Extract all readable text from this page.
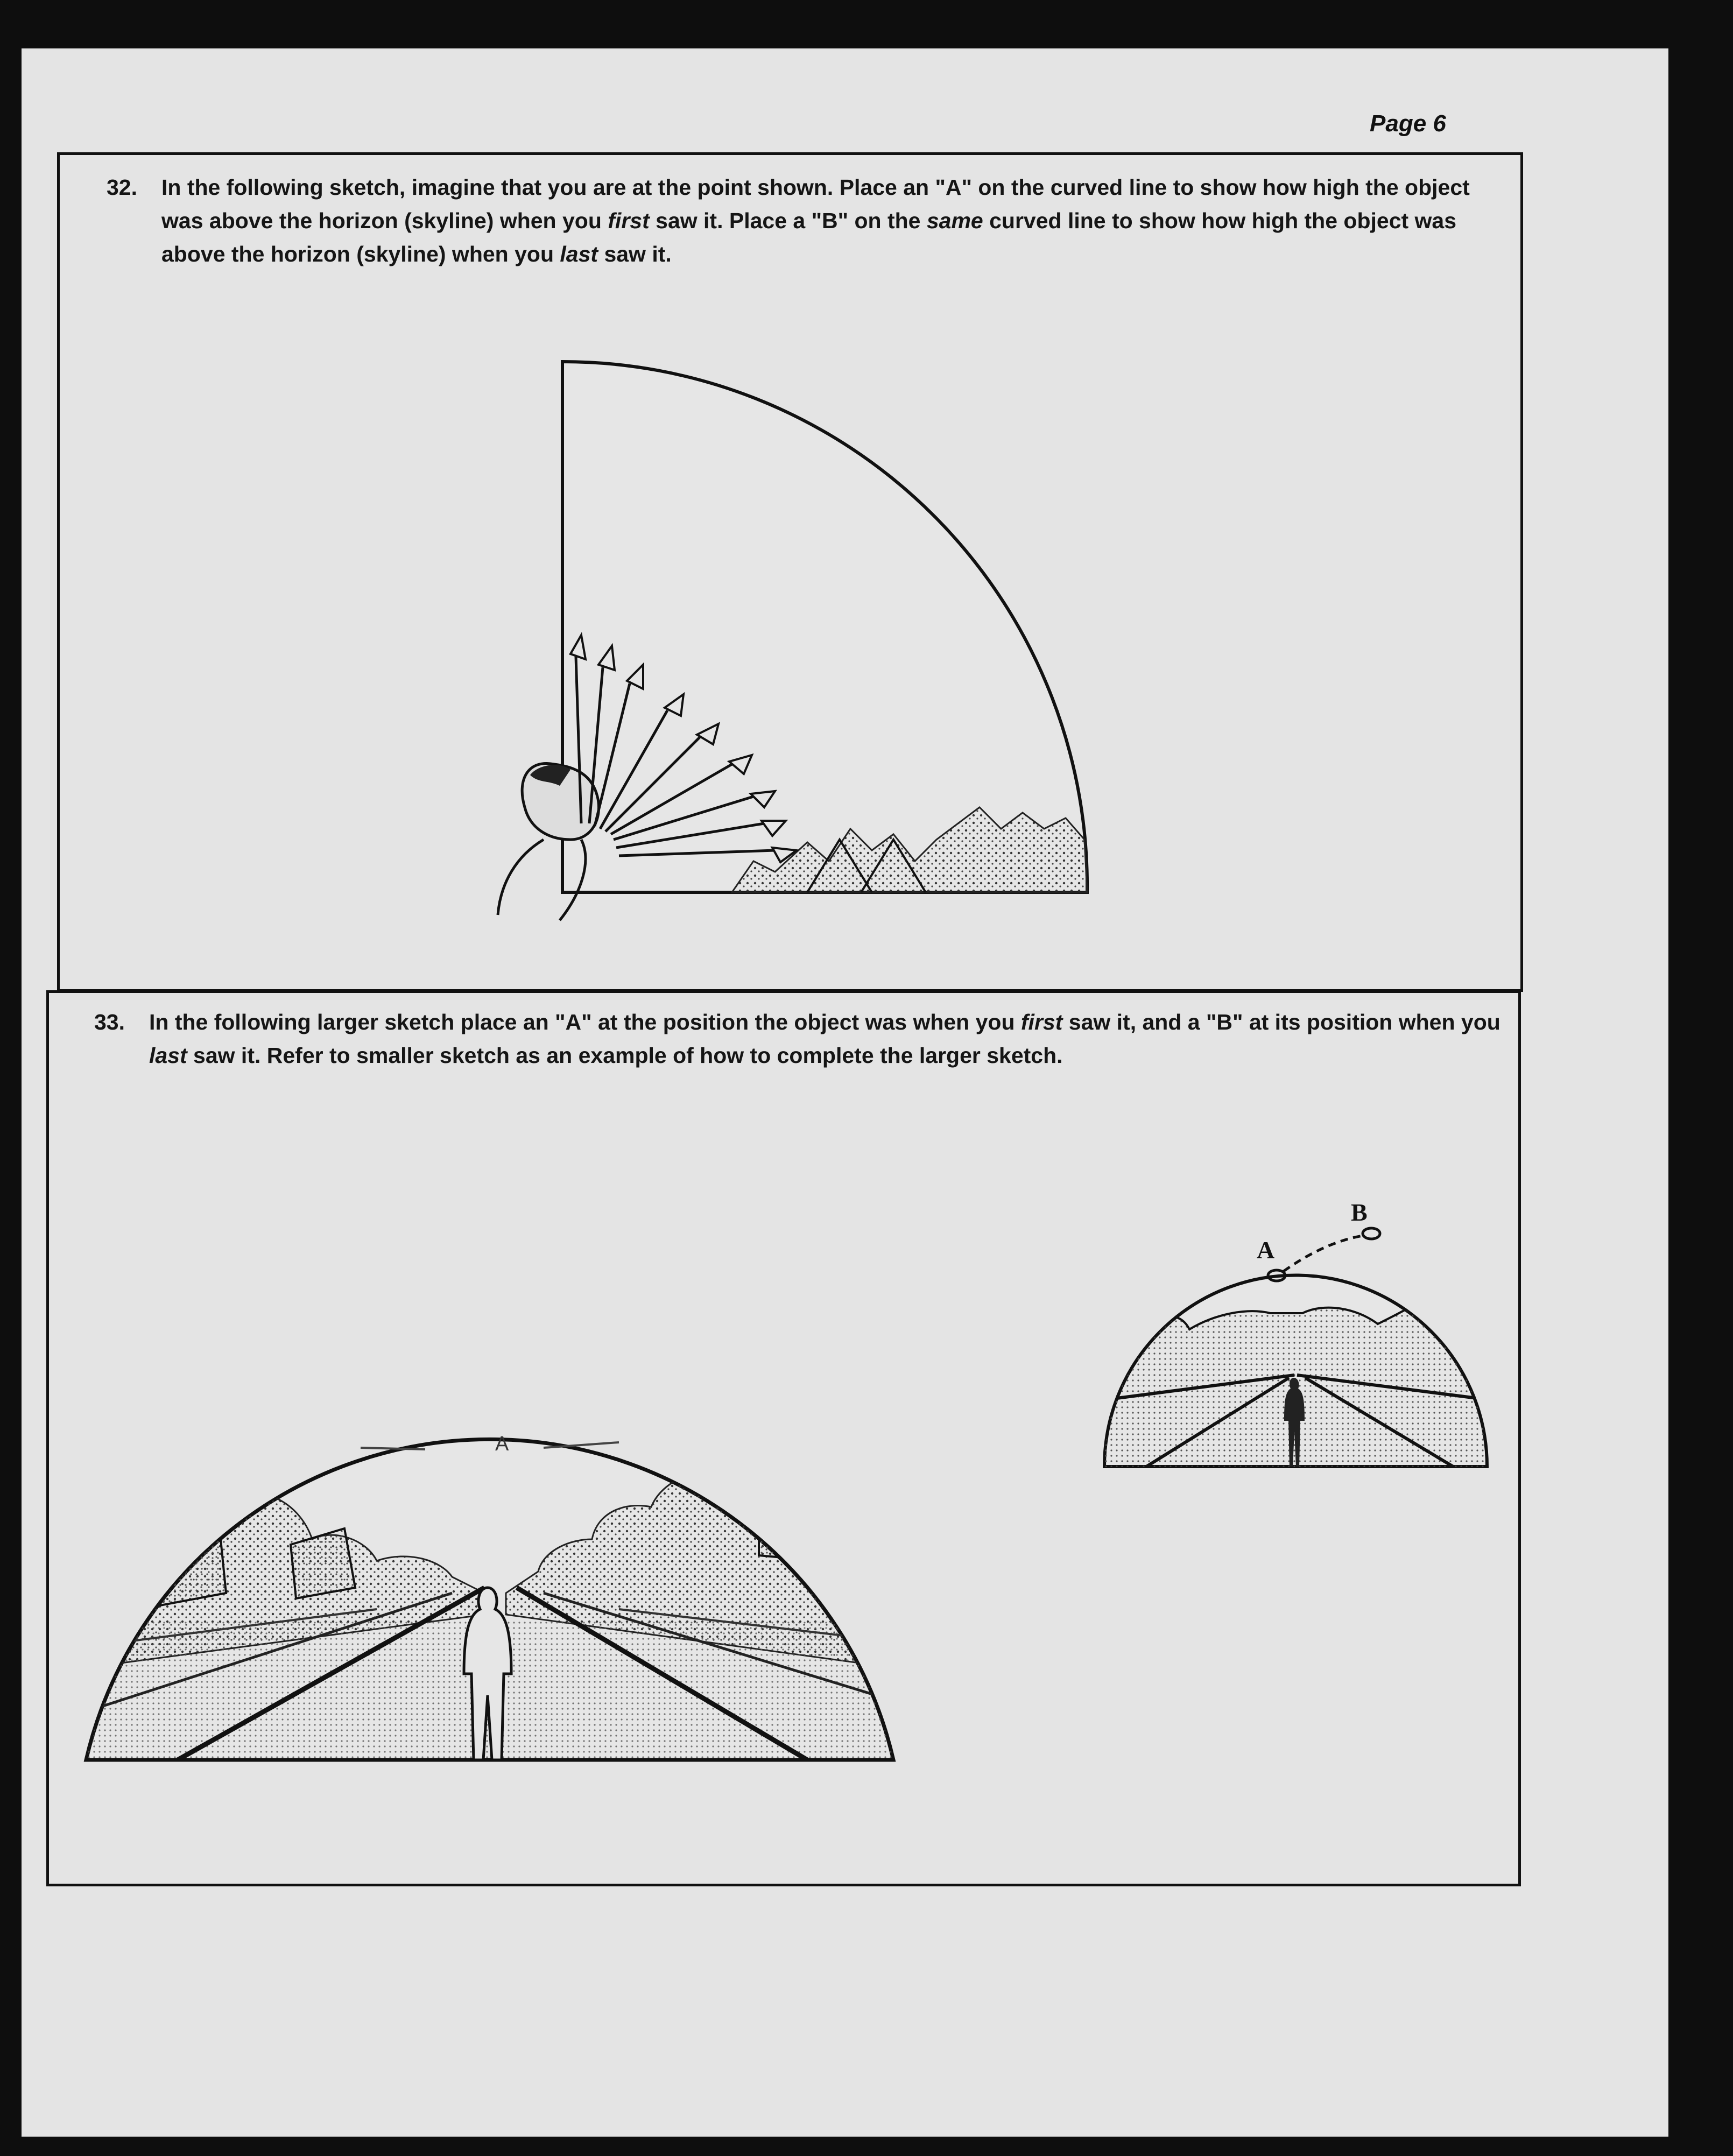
Page 6
32. In the following sketch, imagine that you are at the point shown. Place an "A" on the curved line to show how high the object was above the horizon (skyline) when you first saw it. Place a "B" on the same curved line to show how high the object was above the horizon (skyline) when you last saw it.
33. In the following larger sketch place an "A" at the position the object was when you first saw it, and a "B" at its position when you last saw it. Refer to smaller sketch as an example of how to complete the larger sketch.
A
A
B
